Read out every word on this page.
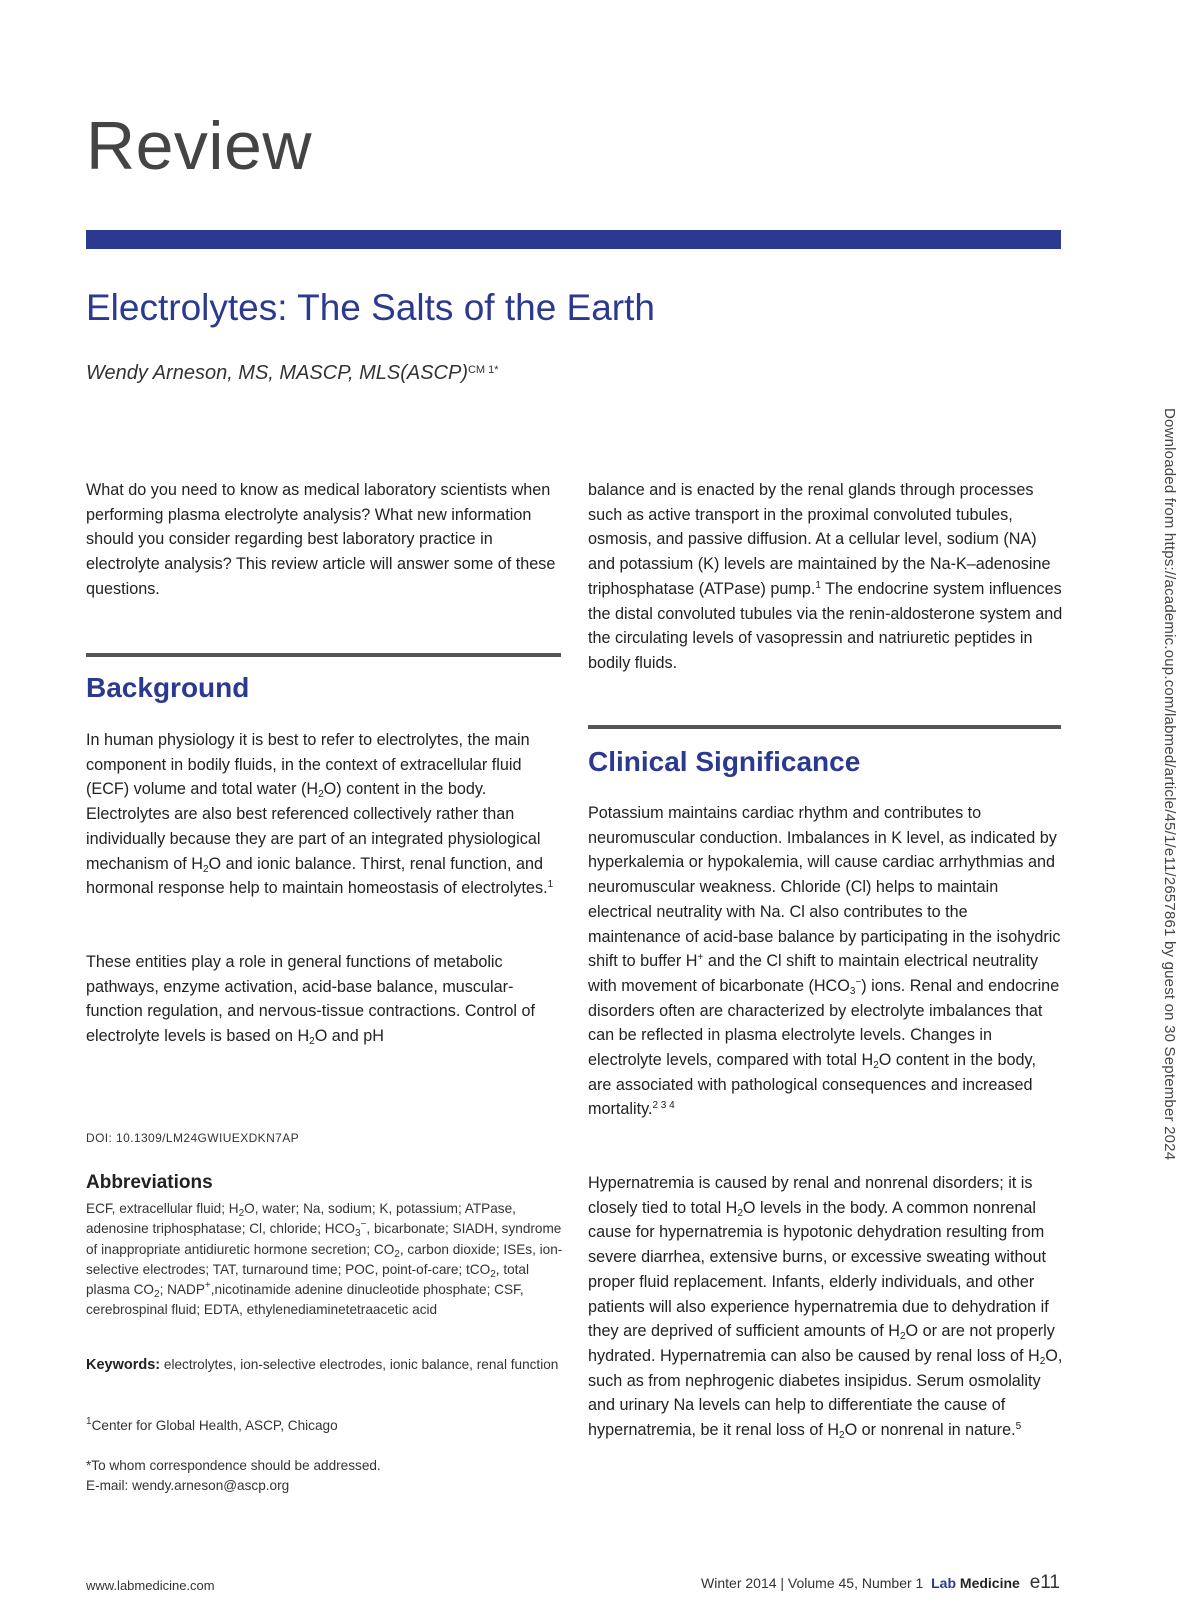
Review
Electrolytes: The Salts of the Earth
Wendy Arneson, MS, MASCP, MLS(ASCP)$^{CM 1*}$

What do you need to know as medical laboratory scientists when performing plasma electrolyte analysis? What new information should you consider regarding best laboratory practice in electrolyte analysis? This review article will answer some of these questions.

balance and is enacted by the renal glands through processes such as active transport in the proximal convoluted tubules, osmosis, and passive diffusion. At a cellular level, sodium (NA) and potassium (K) levels are maintained by the Na-K–adenosine triphosphatase (ATPase) pump.$^1$ The endocrine system influences the distal convoluted tubules via the renin-aldosterone system and the circulating levels of vasopressin and natriuretic peptides in bodily fluids.

Background

In human physiology it is best to refer to electrolytes, the main component in bodily fluids, in the context of extracellular fluid (ECF) volume and total water $(H_2O)$ content in the body. Electrolytes are also best referenced collectively rather than individually because they are part of an integrated physiological mechanism of $H_2O$ and ionic balance. Thirst, renal function, and hormonal response help to maintain homeostasis of electrolytes.$^1$

These entities play a role in general functions of metabolic pathways, enzyme activation, acid-base balance, muscular-function regulation, and nervous-tissue contractions. Control of electrolyte levels is based on $H_2O$ and pH

Clinical Significance

Potassium maintains cardiac rhythm and contributes to neuromuscular conduction. Imbalances in K level, as indicated by hyperkalemia or hypokalemia, will cause cardiac arrhythmias and neuromuscular weakness. Chloride (Cl) helps to maintain electrical neutrality with Na. Cl also contributes to the maintenance of acid-base balance by participating in the isohydric shift to buffer H+ and the Cl shift to maintain electrical neutrality with movement of bicarbonate $(HCO_3^-)$ ions. Renal and endocrine disorders often are characterized by electrolyte imbalances that can be reflected in plasma electrolyte levels. Changes in electrolyte levels, compared with total $H_2O$ content in the body, are associated with pathological consequences and increased mortality.$^{2 3 4}$

Hypernatremia is caused by renal and nonrenal disorders; it is closely tied to total $H_2O$ levels in the body. A common nonrenal cause for hypernatremia is hypotonic dehydration resulting from severe diarrhea, extensive burns, or excessive sweating without proper fluid replacement. Infants, elderly individuals, and other patients will also experience hypernatremia due to dehydration if they are deprived of sufficient amounts of $H_2O$ or are not properly hydrated. Hypernatremia can also be caused by renal loss of $H_2O$, such as from nephrogenic diabetes insipidus. Serum osmolality and urinary Na levels can help to differentiate the cause of hypernatremia, be it renal loss of $H_2O$ or nonrenal in nature.$^5$

DOI: 10.1309/LM24GWIUEXDKN7AP
Abbreviations

ECF, extracellular fluid; $H_2O$, water; Na, sodium; K, potassium; ATPase, adenosine triphosphatase; Cl, chloride; $HCO_3^-$, bicarbonate; SIADH, syndrome of inappropriate antidiuretic hormone secretion; $CO_2$, carbon dioxide; ISEs, ion-selective electrodes; TAT, turnaround time; POC, point-of-care; tCO$_2$, total plasma $CO_2$; NADP+,nicotinamide adenine dinucleotide phosphate; CSF, cerebrospinal fluid; EDTA, ethylenediaminetetraacetic acid

Keywords: electrolytes, ion-selective electrodes, ionic balance, renal function

$^1$Center for Global Health, ASCP, Chicago

*To whom correspondence should be addressed.

E-mail: wendy.arneson@ascp.org

www.labmedicine.com	Winter 2014 | Volume 45, Number 1 Lab Medicine e11
Downloaded from https://academic.oup.com/labmed/article/45/1/e11/2657861 by guest on 30 September 2024
